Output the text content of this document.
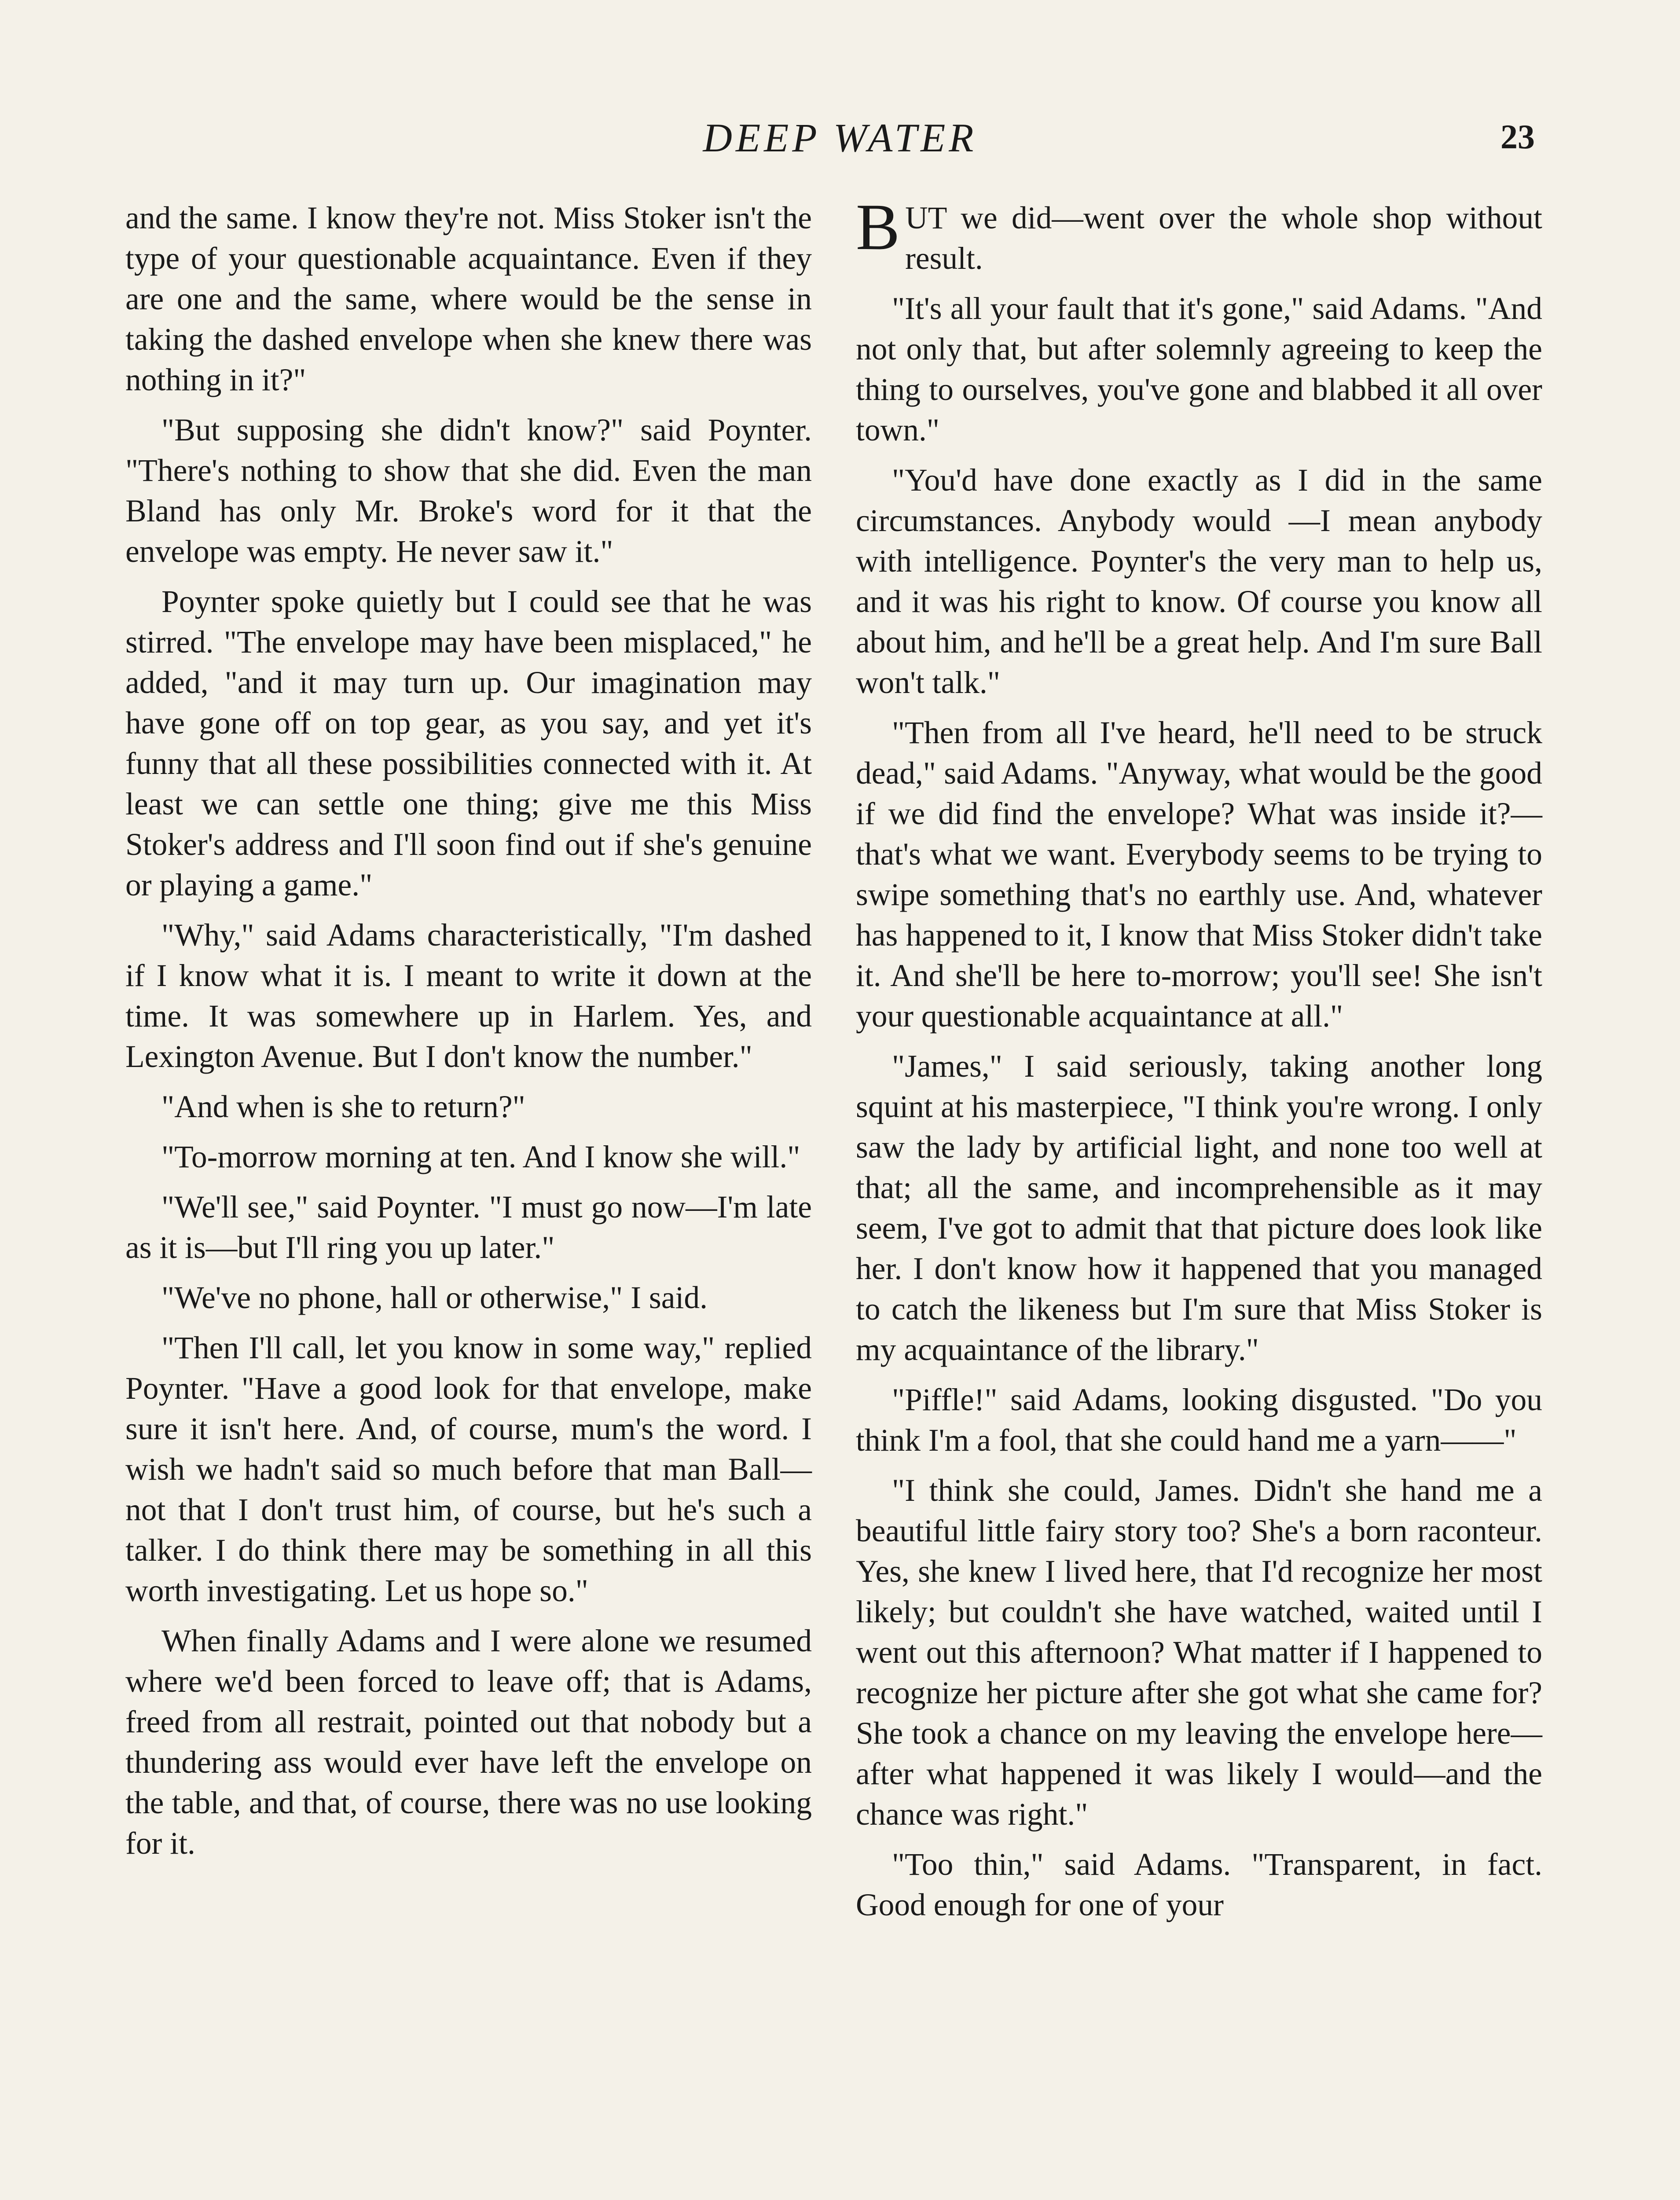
DEEP WATER	23

and the same. I know they're not. Miss Stoker isn't the type of your questionable acquaintance. Even if they are one and the same, where would be the sense in taking the dashed envelope when she knew there was nothing in it?"

"But supposing she didn't know?" said Poynter. "There's nothing to show that she did. Even the man Bland has only Mr. Broke's word for it that the envelope was empty. He never saw it."

Poynter spoke quietly but I could see that he was stirred. "The envelope may have been misplaced," he added, "and it may turn up. Our imagination may have gone off on top gear, as you say, and yet it's funny that all these possibilities connected with it. At least we can settle one thing; give me this Miss Stoker's address and I'll soon find out if she's genuine or playing a game."

"Why," said Adams characteristically, "I'm dashed if I know what it is. I meant to write it down at the time. It was somewhere up in Harlem. Yes, and Lexington Avenue. But I don't know the number."

"And when is she to return?"

"To-morrow morning at ten. And I know she will."

"We'll see," said Poynter. "I must go now—I'm late as it is—but I'll ring you up later."

"We've no phone, hall or otherwise," I said.

"Then I'll call, let you know in some way," replied Poynter. "Have a good look for that envelope, make sure it isn't here. And, of course, mum's the word. I wish we hadn't said so much before that man Ball—not that I don't trust him, of course, but he's such a talker. I do think there may be something in all this worth investigating. Let us hope so."

When finally Adams and I were alone we resumed where we'd been forced to leave off; that is Adams, freed from all restrait, pointed out that nobody but a thundering ass would ever have left the envelope on the table, and that, of course, there was no use looking for it.

BUT we did—went over the whole shop without result.

"It's all your fault that it's gone," said Adams. "And not only that, but after solemnly agreeing to keep the thing to ourselves, you've gone and blabbed it all over town."

"You'd have done exactly as I did in the same circumstances. Anybody would —I mean anybody with intelligence. Poynter's the very man to help us, and it was his right to know. Of course you know all about him, and he'll be a great help. And I'm sure Ball won't talk."

"Then from all I've heard, he'll need to be struck dead," said Adams. "Anyway, what would be the good if we did find the envelope? What was inside it?—that's what we want. Everybody seems to be trying to swipe something that's no earthly use. And, whatever has happened to it, I know that Miss Stoker didn't take it. And she'll be here to-morrow; you'll see! She isn't your questionable acquaintance at all."

"James," I said seriously, taking another long squint at his masterpiece, "I think you're wrong. I only saw the lady by artificial light, and none too well at that; all the same, and incomprehensible as it may seem, I've got to admit that that picture does look like her. I don't know how it happened that you managed to catch the likeness but I'm sure that Miss Stoker is my acquaintance of the library."

"Piffle!" said Adams, looking disgusted. "Do you think I'm a fool, that she could hand me a yarn——"

"I think she could, James. Didn't she hand me a beautiful little fairy story too? She's a born raconteur. Yes, she knew I lived here, that I'd recognize her most likely; but couldn't she have watched, waited until I went out this afternoon? What matter if I happened to recognize her picture after she got what she came for? She took a chance on my leaving the envelope here—after what happened it was likely I would—and the chance was right."

"Too thin," said Adams. "Transparent, in fact. Good enough for one of your
